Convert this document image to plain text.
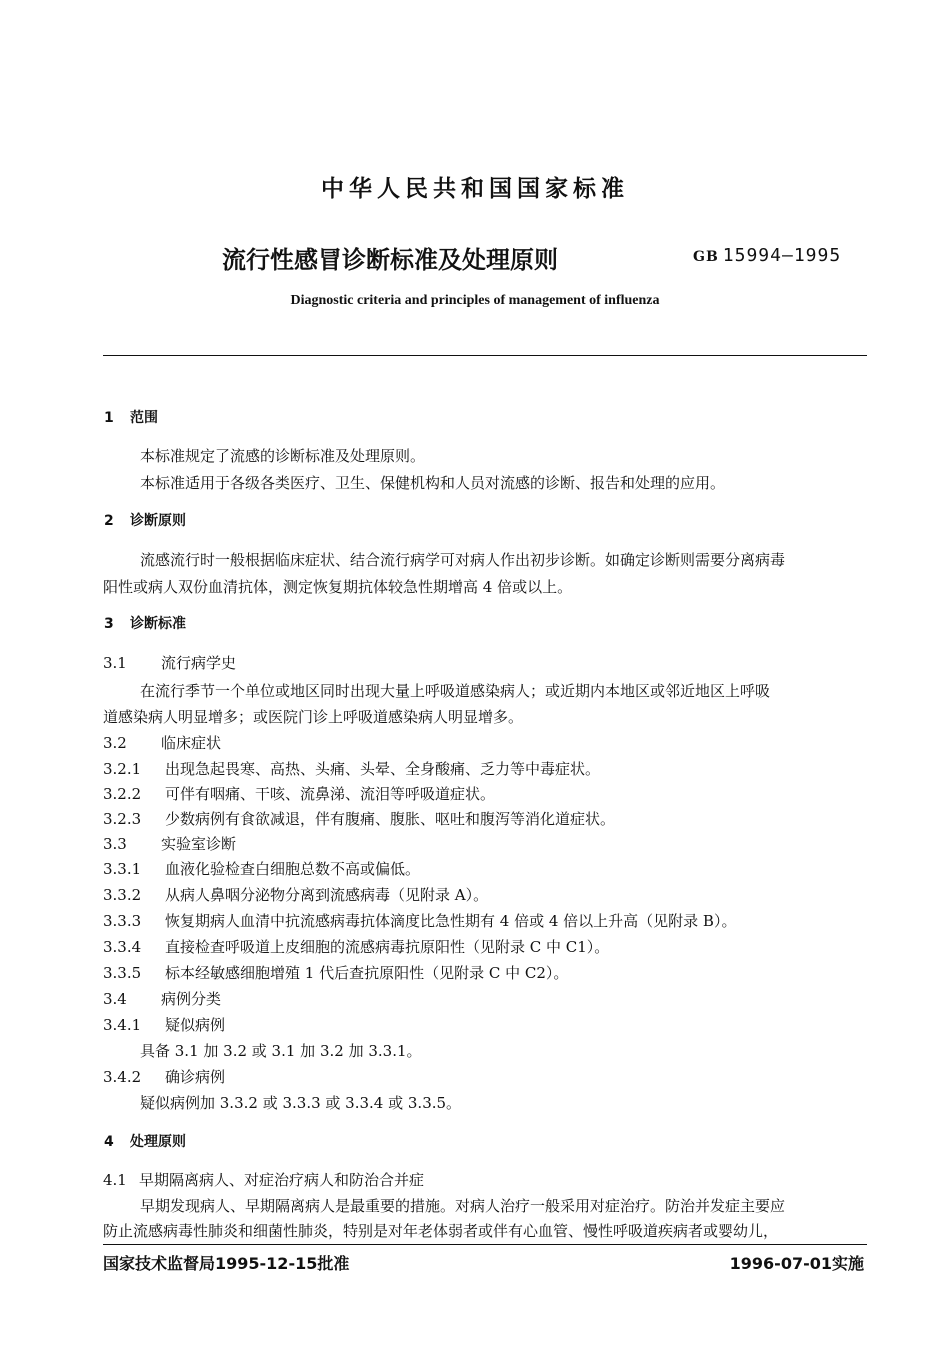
中华人民共和国国家标准
流行性感冒诊断标准及处理原则	GB 15994—1995
Diagnostic criteria and principles of management of influenza
1 范围
本标准规定了流感的诊断标准及处理原则。
本标准适用于各级各类医疗、卫生、保健机构和人员对流感的诊断、报告和处理的应用。
2 诊断原则
流感流行时一般根据临床症状、结合流行病学可对病人作出初步诊断。如确定诊断则需要分离病毒
阳性或病人双份血清抗体，测定恢复期抗体较急性期增高 4 倍或以上。
3 诊断标准
3.1 流行病学史
在流行季节一个单位或地区同时出现大量上呼吸道感染病人；或近期内本地区或邻近地区上呼吸
道感染病人明显增多；或医院门诊上呼吸道感染病人明显增多。
3.2 临床症状
3.2.1 出现急起畏寒、高热、头痛、头晕、全身酸痛、乏力等中毒症状。
3.2.2 可伴有咽痛、干咳、流鼻涕、流泪等呼吸道症状。
3.2.3 少数病例有食欲减退，伴有腹痛、腹胀、呕吐和腹泻等消化道症状。
3.3 实验室诊断
3.3.1 血液化验检查白细胞总数不高或偏低。
3.3.2 从病人鼻咽分泌物分离到流感病毒（见附录 A）。
3.3.3 恢复期病人血清中抗流感病毒抗体滴度比急性期有 4 倍或 4 倍以上升高（见附录 B）。
3.3.4 直接检查呼吸道上皮细胞的流感病毒抗原阳性（见附录 C 中 C1）。
3.3.5 标本经敏感细胞增殖 1 代后查抗原阳性（见附录 C 中 C2）。
3.4 病例分类
3.4.1 疑似病例
具备 3.1 加 3.2 或 3.1 加 3.2 加 3.3.1。
3.4.2 确诊病例
疑似病例加 3.3.2 或 3.3.3 或 3.3.4 或 3.3.5。
4 处理原则
4.1 早期隔离病人、对症治疗病人和防治合并症
早期发现病人、早期隔离病人是最重要的措施。对病人治疗一般采用对症治疗。防治并发症主要应
防止流感病毒性肺炎和细菌性肺炎，特别是对年老体弱者或伴有心血管、慢性呼吸道疾病者或婴幼儿，
国家技术监督局1995-12-15批准	1996-07-01实施
